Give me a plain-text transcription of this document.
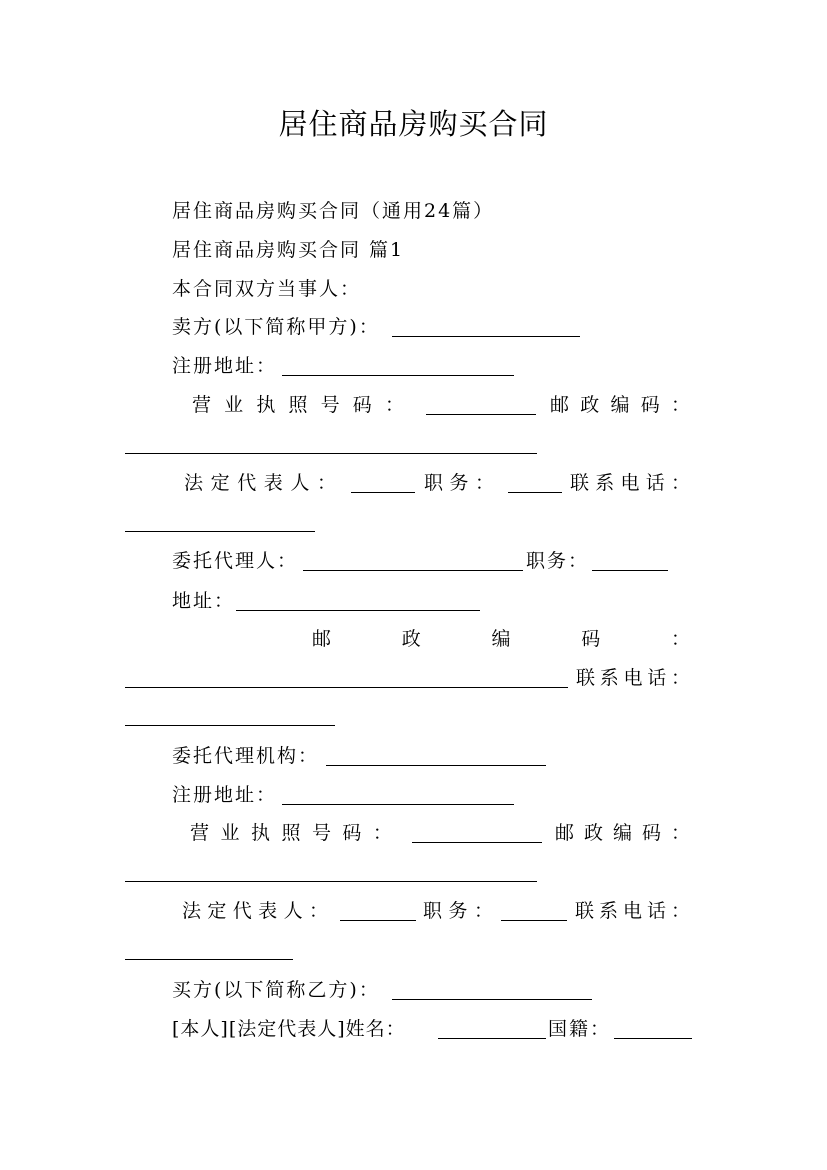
居住商品房购买合同
居住商品房购买合同（通用24篇）
居住商品房购买合同 篇1
本合同双方当事人：
卖方(以下简称甲方)：
注册地址：
营 业 执 照 号 码 ：	邮 政 编 码 ：
法 定 代 表 人 ：	职 务 ：	联 系 电 话 ：
委托代理人：	职务：
地址：
邮	政	编	码	：
联 系 电 话 ：
委托代理机构：
注册地址：
营 业 执 照 号 码 ：	邮 政 编 码 ：
法 定 代 表 人 ：	职 务 ：	联 系 电 话 ：
买方(以下简称乙方)：
[本人][法定代表人]姓名：	国籍：
